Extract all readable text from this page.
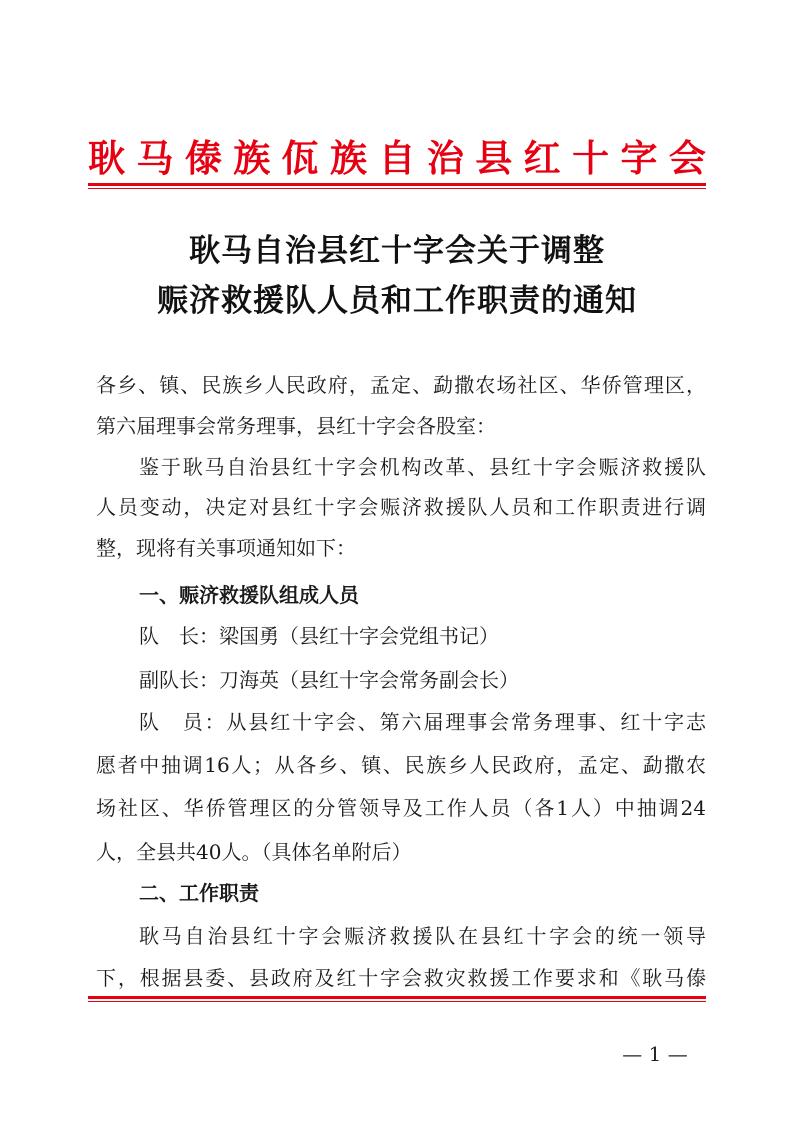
耿 马 傣 族 佤 族 自 治 县 红 十 字 会
耿马自治县红十字会关于调整
赈济救援队人员和工作职责的通知
各乡、镇、民族乡人民政府，孟定、勐撒农场社区、华侨管理区，
第六届理事会常务理事，县红十字会各股室：
鉴于耿马自治县红十字会机构改革、县红十字会赈济救援队
人员变动，决定对县红十字会赈济救援队人员和工作职责进行调
整，现将有关事项通知如下：
一、赈济救援队组成人员
队　长：梁国勇（县红十字会党组书记）
副队长：刀海英（县红十字会常务副会长）
队　员：从县红十字会、第六届理事会常务理事、红十字志
愿者中抽调16人；从各乡、镇、民族乡人民政府，孟定、勐撒农
场社区、华侨管理区的分管领导及工作人员（各1人）中抽调24
人，全县共40人。（具体名单附后）
二、工作职责
耿马自治县红十字会赈济救援队在县红十字会的统一领导
下，根据县委、县政府及红十字会救灾救援工作要求和《耿马傣
— 1 —
